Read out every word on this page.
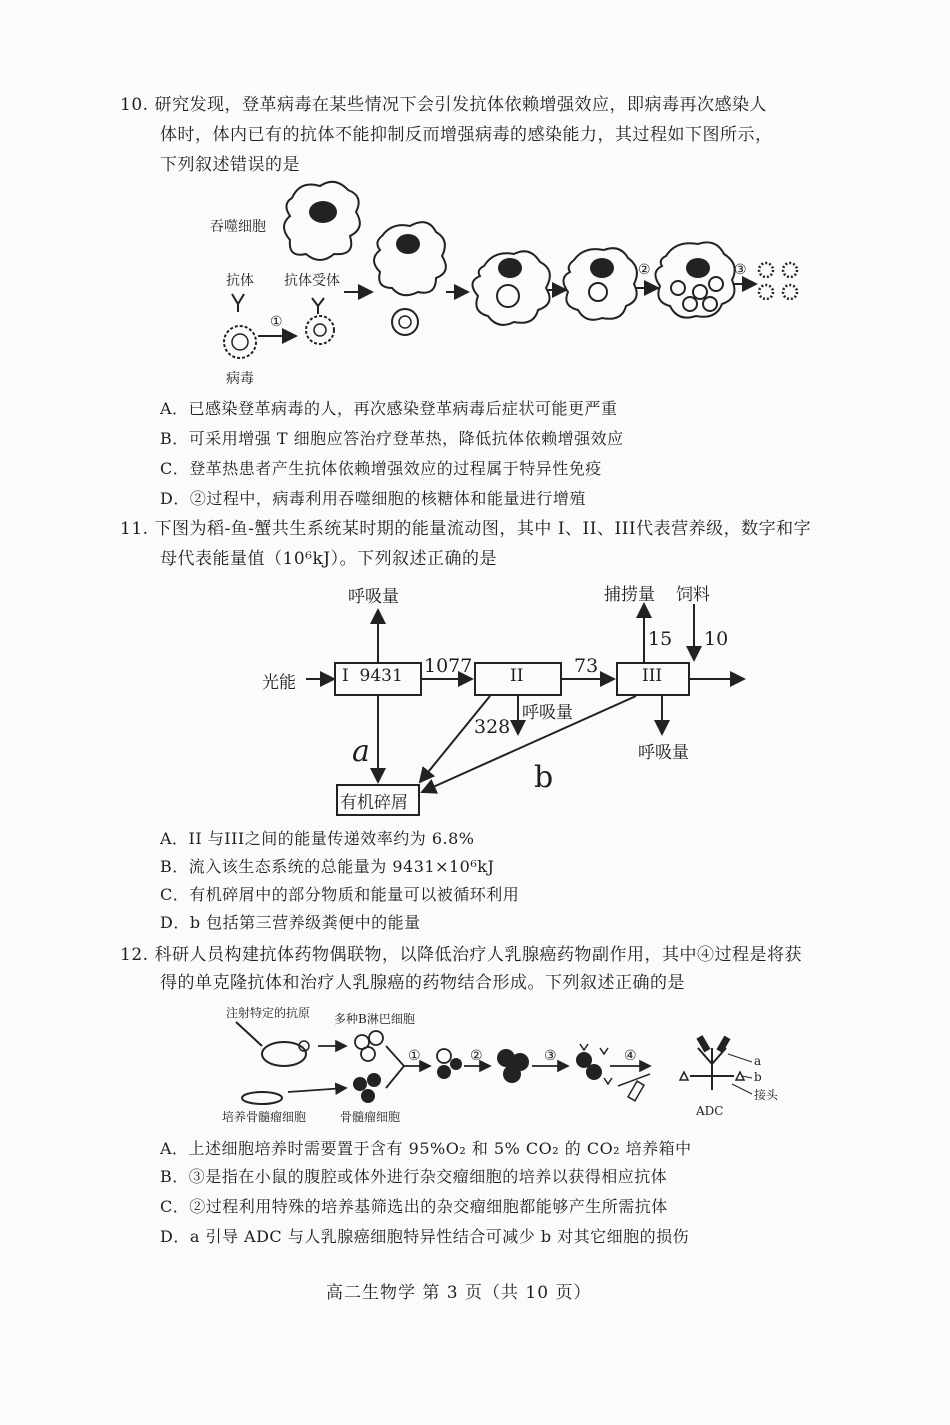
10. 研究发现，登革病毒在某些情况下会引发抗体依赖增强效应，即病毒再次感染人
体时，体内已有的抗体不能抑制反而增强病毒的感染能力，其过程如下图所示，
下列叙述错误的是
吞噬细胞
抗体 抗体受体
病毒
①
②	③
A．已感染登革病毒的人，再次感染登革病毒后症状可能更严重
B．可采用增强 T 细胞应答治疗登革热，降低抗体依赖增强效应
C．登革热患者产生抗体依赖增强效应的过程属于特异性免疫
D．②过程中，病毒利用吞噬细胞的核糖体和能量进行增殖
11. 下图为稻-鱼-蟹共生系统某时期的能量流动图，其中 I、II、III代表营养级，数字和字
母代表能量值（10⁶kJ）。下列叙述正确的是
I  9431	II	III
有机碎屑
光能
呼吸量
呼吸量
呼吸量
捕捞量 饲料
1077	73
328
15 10
a
b
A．II 与III之间的能量传递效率约为 6.8%
B．流入该生态系统的总能量为 9431×10⁶kJ
C．有机碎屑中的部分物质和能量可以被循环利用
D．b 包括第三营养级粪便中的能量
12. 科研人员构建抗体药物偶联物，以降低治疗人乳腺癌药物副作用，其中④过程是将获
得的单克隆抗体和治疗人乳腺癌的药物结合形成。下列叙述正确的是
注射特定的抗原 多种B淋巴细胞
培养骨髓瘤细胞	骨髓瘤细胞
①	②	③	④	a
b
接头
ADC
A．上述细胞培养时需要置于含有 95%O₂ 和 5% CO₂ 的 CO₂ 培养箱中
B．③是指在小鼠的腹腔或体外进行杂交瘤细胞的培养以获得相应抗体
C．②过程利用特殊的培养基筛选出的杂交瘤细胞都能够产生所需抗体
D．a 引导 ADC 与人乳腺癌细胞特异性结合可减少 b 对其它细胞的损伤
高二生物学 第 3 页（共 10 页）
